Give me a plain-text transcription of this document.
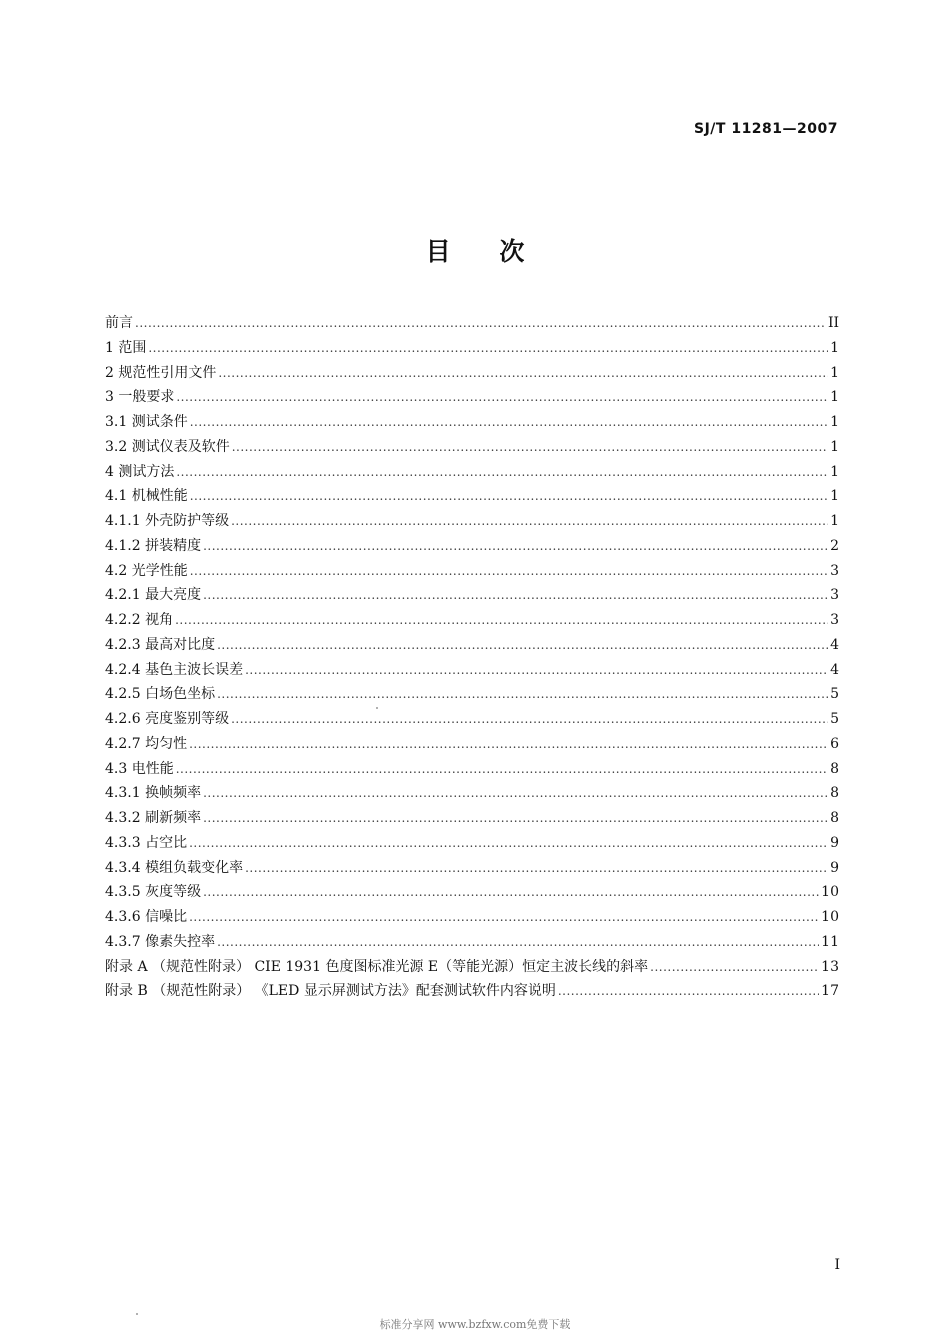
SJ/T 11281—2007
目 次
前言 .....	II
1 范围 .....	1
2 规范性引用文件 .....	1
3 一般要求 .....	1
3.1 测试条件 .....	1
3.2 测试仪表及软件 .....	1
4 测试方法 .....	1
4.1 机械性能 .....	1
4.1.1 外壳防护等级 .....	1
4.1.2 拼装精度 .....	2
4.2 光学性能 .....	3
4.2.1 最大亮度 .....	3
4.2.2 视角 .....	3
4.2.3 最高对比度 .....	4
4.2.4 基色主波长误差 .....	4
4.2.5 白场色坐标 .....	5
4.2.6 亮度鉴别等级 .....	5
4.2.7 均匀性 .....	6
4.3 电性能 .....	8
4.3.1 换帧频率 .....	8
4.3.2 刷新频率 .....	8
4.3.3 占空比 .....	9
4.3.4 模组负载变化率 .....	9
4.3.5 灰度等级 .....	10
4.3.6 信噪比 .....	10
4.3.7 像素失控率 .....	11
附录 A （规范性附录） CIE 1931 色度图标准光源 E（等能光源）恒定主波长线的斜率 .....	13
附录 B （规范性附录） 《LED 显示屏测试方法》配套测试软件内容说明 .....	17
I
标准分享网 www.bzfxw.com免费下载
